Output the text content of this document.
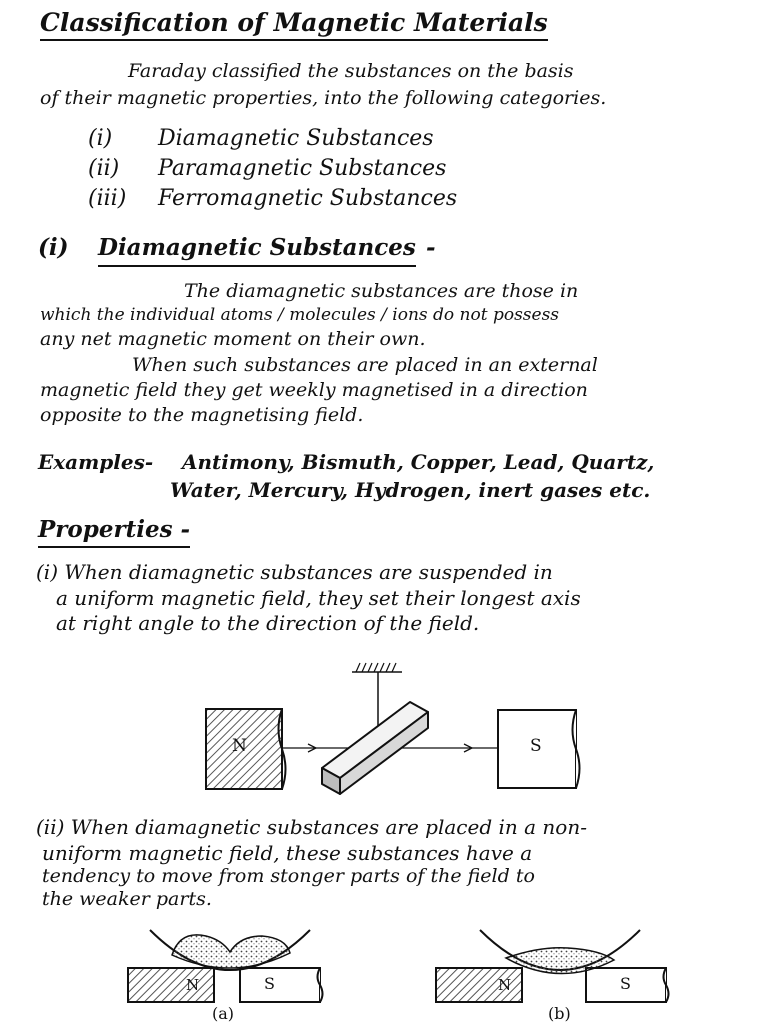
Classification of Magnetic Materials
Faraday classified the substances on the basis
of their magnetic properties, into the following categories.
(i) Diamagnetic Substances
(ii) Paramagnetic Substances
(iii) Ferromagnetic Substances
(i) Diamagnetic Substances -
The diamagnetic substances are those in
which the individual atoms / molecules / ions do not possess
any net magnetic moment on their own.
When such substances are placed in an external
magnetic field they get weekly magnetised in a direction
opposite to the magnetising field.
Examples- Antimony, Bismuth, Copper, Lead, Quartz,
Water, Mercury, Hydrogen, inert gases etc.
Properties -
(i) When diamagnetic substances are suspended in
a uniform magnetic field, they set their longest axis
at right angle to the direction of the field.
N	S
(ii) When diamagnetic substances are placed in a non-
uniform magnetic field, these substances have a
tendency to move from stonger parts of the field to
the weaker parts.
N	S
(a)
N	S
(b)
